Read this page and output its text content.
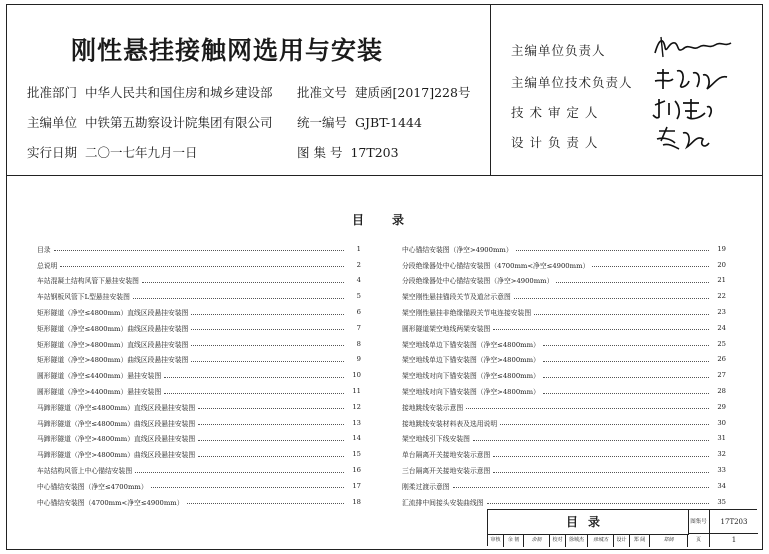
刚性悬挂接触网选用与安装
批准部门 中华人民共和国住房和城乡建设部 批准文号 建质函[2017]228号
主编单位 中铁第五勘察设计院集团有限公司 统一编号 GJBT-1444
实行日期 二〇一七年九月一日	图 集 号 17T203
主编单位负责人
主编单位技术负责人
技 术 审 定 人
设 计 负 责 人
目 录
目录	1
总说明	2
车站混凝土结构风管下悬挂安装图	4
车站钢板风管下L型悬挂安装图	5
矩形隧道（净空≤4800mm）直线区段悬挂安装图	6
矩形隧道（净空≤4800mm）曲线区段悬挂安装图	7
矩形隧道（净空>4800mm）直线区段悬挂安装图	8
矩形隧道（净空>4800mm）曲线区段悬挂安装图	9
圆形隧道（净空≤4400mm）悬挂安装图	10
圆形隧道（净空>4400mm）悬挂安装图	11
马蹄形隧道（净空≤4800mm）直线区段悬挂安装图	12
马蹄形隧道（净空≤4800mm）曲线区段悬挂安装图	13
马蹄形隧道（净空>4800mm）直线区段悬挂安装图	14
马蹄形隧道（净空>4800mm）曲线区段悬挂安装图	15
车站结构风管上中心锚结安装图	16
中心锚结安装图（净空≤4700mm）	17
中心锚结安装图（4700mm<净空≤4900mm）	18
中心锚结安装图（净空>4900mm）	19
分段绝缘器处中心锚结安装图（4700mm<净空≤4900mm）	20
分段绝缘器处中心锚结安装图（净空>4900mm）	21
架空刚性悬挂锚段关节及道岔示意图	22
架空刚性悬挂非绝缘锚段关节电连接安装图	23
圆形隧道架空地线两架安装图	24
架空地线单边下锚安装图（净空≤4800mm）	25
架空地线单边下锚安装图（净空>4800mm）	26
架空地线对向下锚安装图（净空≤4800mm）	27
架空地线对向下锚安装图（净空>4800mm）	28
接地跳线安装示意图	29
接地跳线安装材料表及选用说明	30
架空地线引下线安装图	31
单台隔离开关接地安装示意图	32
三台隔离开关接地安装示意图	33
刚柔过渡示意图	34
汇流排中间接头安装曲线图	35
目录	图集号	17T203
审核	余 韧	余韧	校对	徐城杰	徐城杰	设计	郑 阔	郑阔	页	1
